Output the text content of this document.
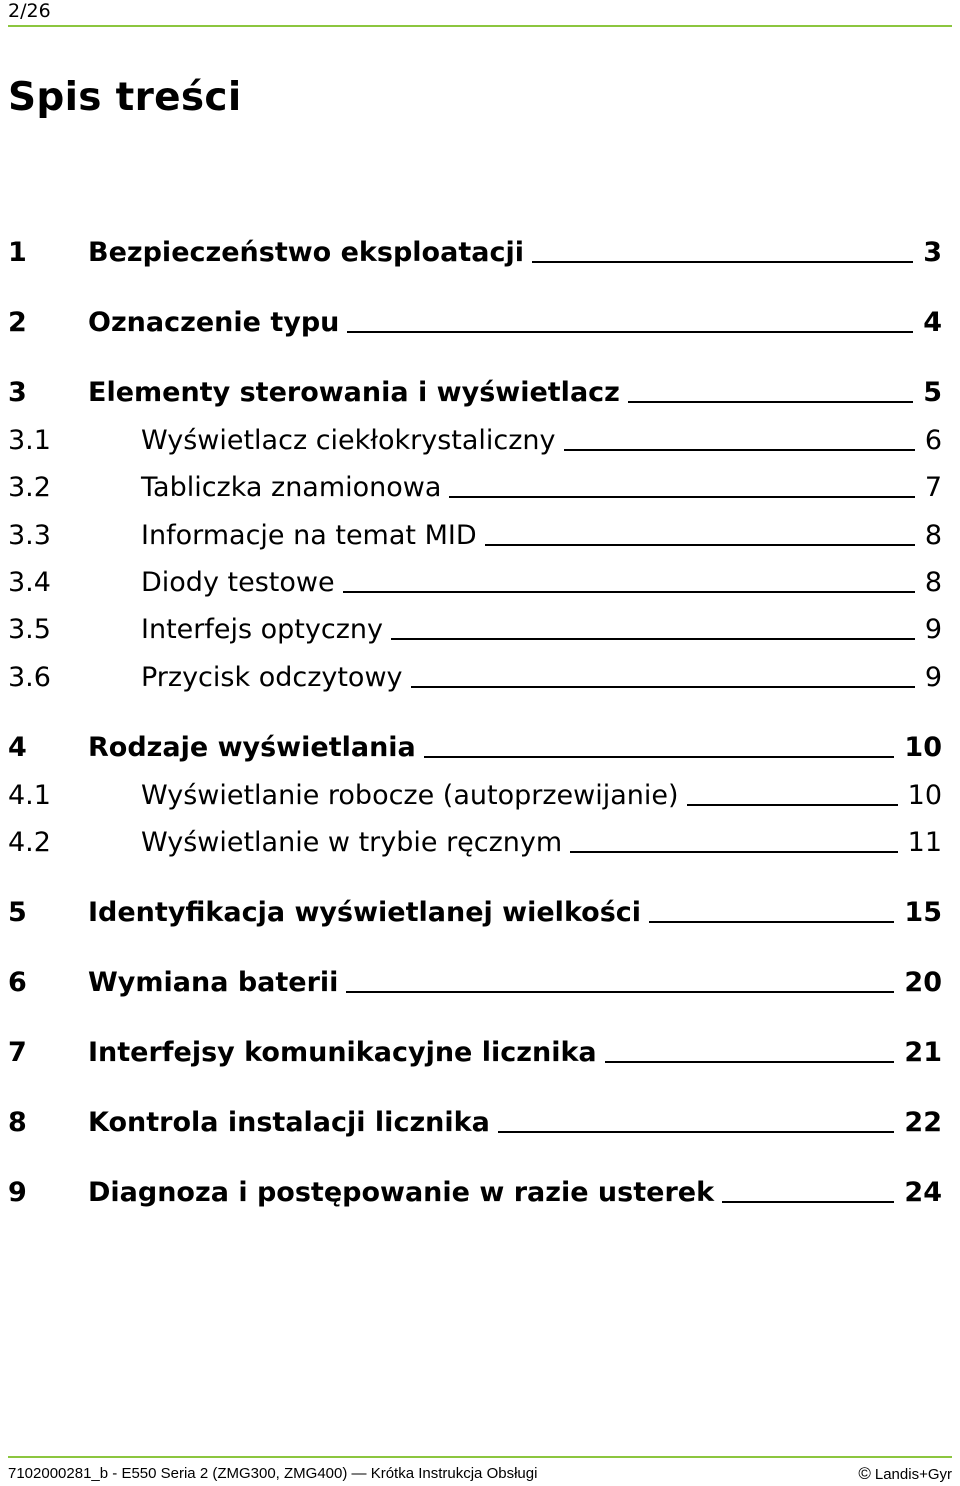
2/26
Spis treści
1	Bezpieczeństwo eksploatacji	3
2	Oznaczenie typu	4
3	Elementy sterowania i wyświetlacz	5
3.1	Wyświetlacz ciekłokrystaliczny	6
3.2	Tabliczka znamionowa	7
3.3	Informacje na temat MID	8
3.4	Diody testowe	8
3.5	Interfejs optyczny	9
3.6	Przycisk odczytowy	9
4	Rodzaje wyświetlania	10
4.1	Wyświetlanie robocze (autoprzewijanie)	10
4.2	Wyświetlanie w trybie ręcznym	11
5	Identyfikacja wyświetlanej wielkości	15
6	Wymiana baterii	20
7	Interfejsy komunikacyjne licznika	21
8	Kontrola instalacji licznika	22
9	Diagnoza i postępowanie w razie usterek	24
7102000281_b - E550 Seria 2 (ZMG300, ZMG400) — Krótka Instrukcja Obsługi	© Landis+Gyr
